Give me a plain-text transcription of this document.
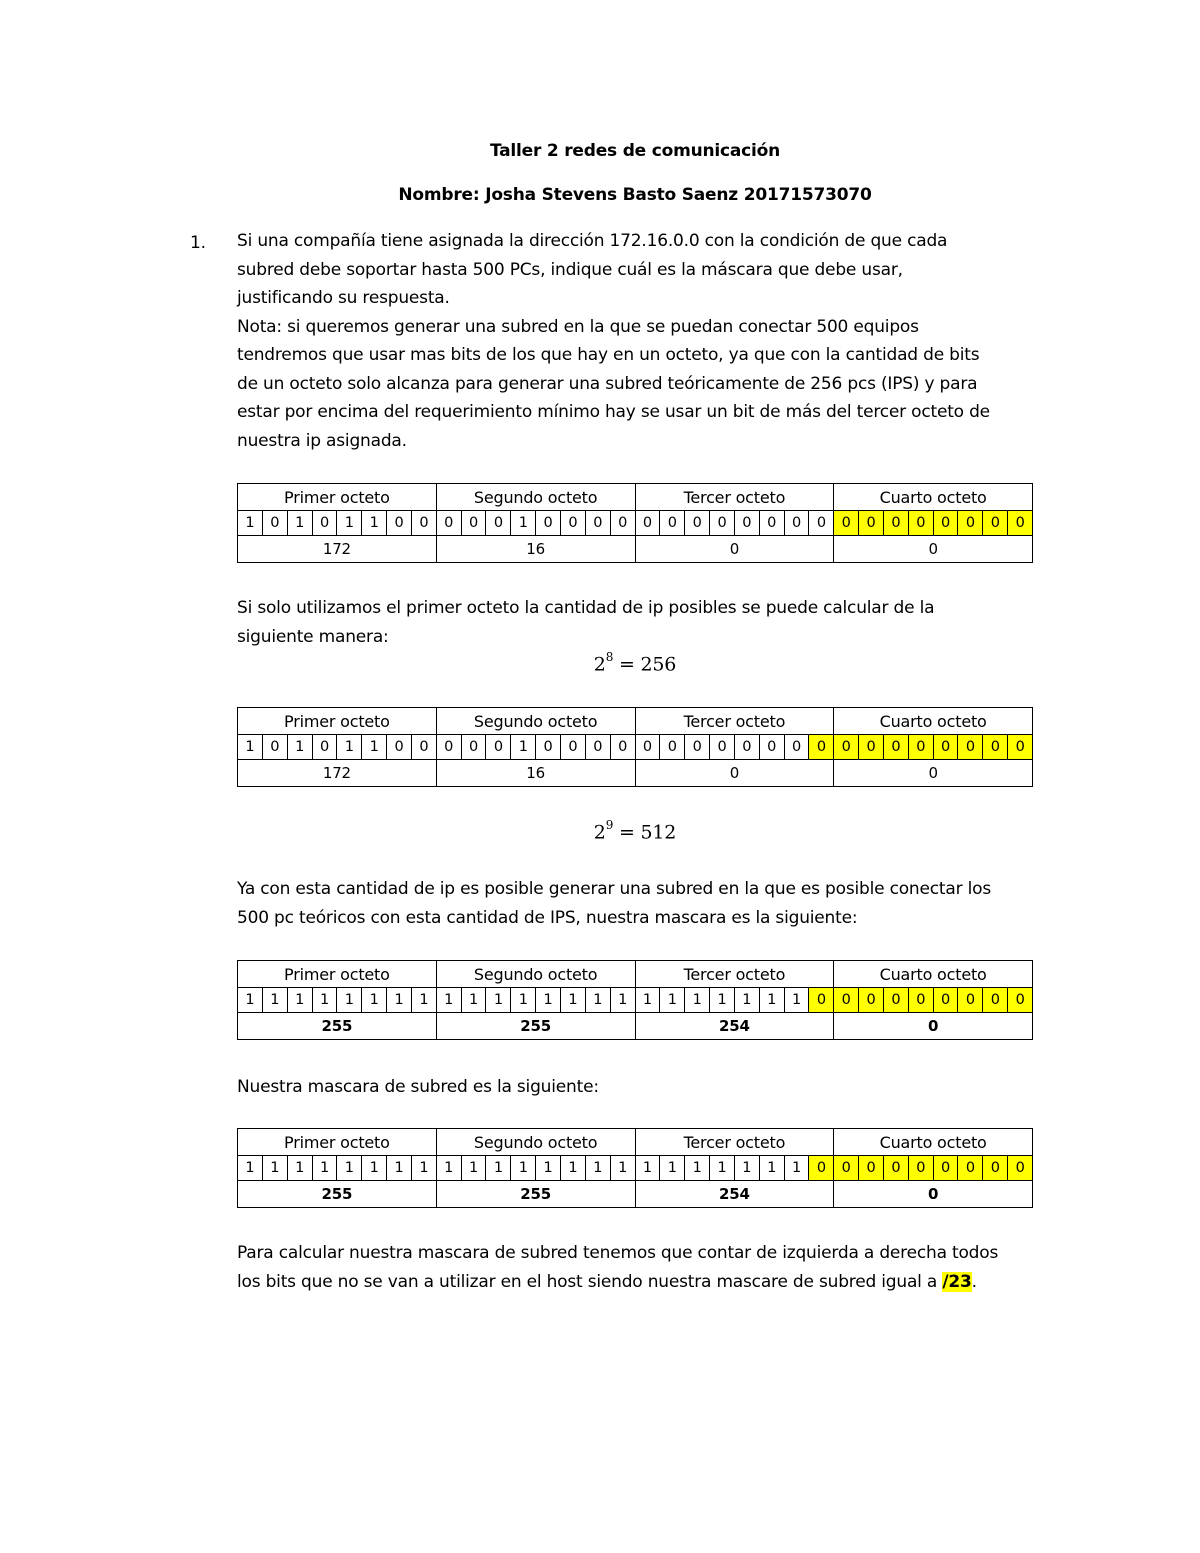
Taller 2 redes de comunicación
Nombre: Josha Stevens Basto Saenz 20171573070
1. Si una compañía tiene asignada la dirección 172.16.0.0 con la condición de que cada

subred debe soportar hasta 500 PCs, indique cuál es la máscara que debe usar,

justificando su respuesta.

Nota: si queremos generar una subred en la que se puedan conectar 500 equipos

tendremos que usar mas bits de los que hay en un octeto, ya que con la cantidad de bits

de un octeto solo alcanza para generar una subred teóricamente de 256 pcs (IPS) y para

estar por encima del requerimiento mínimo hay se usar un bit de más del tercer octeto de

nuestra ip asignada.

Primer octeto								Segundo octeto								Tercer octeto								Cuarto octeto							
1	0	1	0	1	1	0	0	0	0	0	1	0	0	0	0	0	0	0	0	0	0	0	0	0	0	0	0	0	0	0	0
172								16								0								0							

Si solo utilizamos el primer octeto la cantidad de ip posibles se puede calcular de la

siguiente manera:

$2^8 = 256$
Primer octeto								Segundo octeto								Tercer octeto								Cuarto octeto							
1	0	1	0	1	1	0	0	0	0	0	1	0	0	0	0	0	0	0	0	0	0	0	0	0	0	0	0	0	0	0	0
172								16								0								0							
$2^9 = 512$

Ya con esta cantidad de ip es posible generar una subred en la que es posible conectar los

500 pc teóricos con esta cantidad de IPS, nuestra mascara es la siguiente:

Primer octeto								Segundo octeto								Tercer octeto								Cuarto octeto							
1	1	1	1	1	1	1	1	1	1	1	1	1	1	1	1	1	1	1	1	1	1	1	0	0	0	0	0	0	0	0	0
255								255								254								0							

Nuestra mascara de subred es la siguiente:

Primer octeto								Segundo octeto								Tercer octeto								Cuarto octeto							
1	1	1	1	1	1	1	1	1	1	1	1	1	1	1	1	1	1	1	1	1	1	1	0	0	0	0	0	0	0	0	0
255								255								254								0							

Para calcular nuestra mascara de subred tenemos que contar de izquierda a derecha todos

los bits que no se van a utilizar en el host siendo nuestra mascare de subred igual a /23.
